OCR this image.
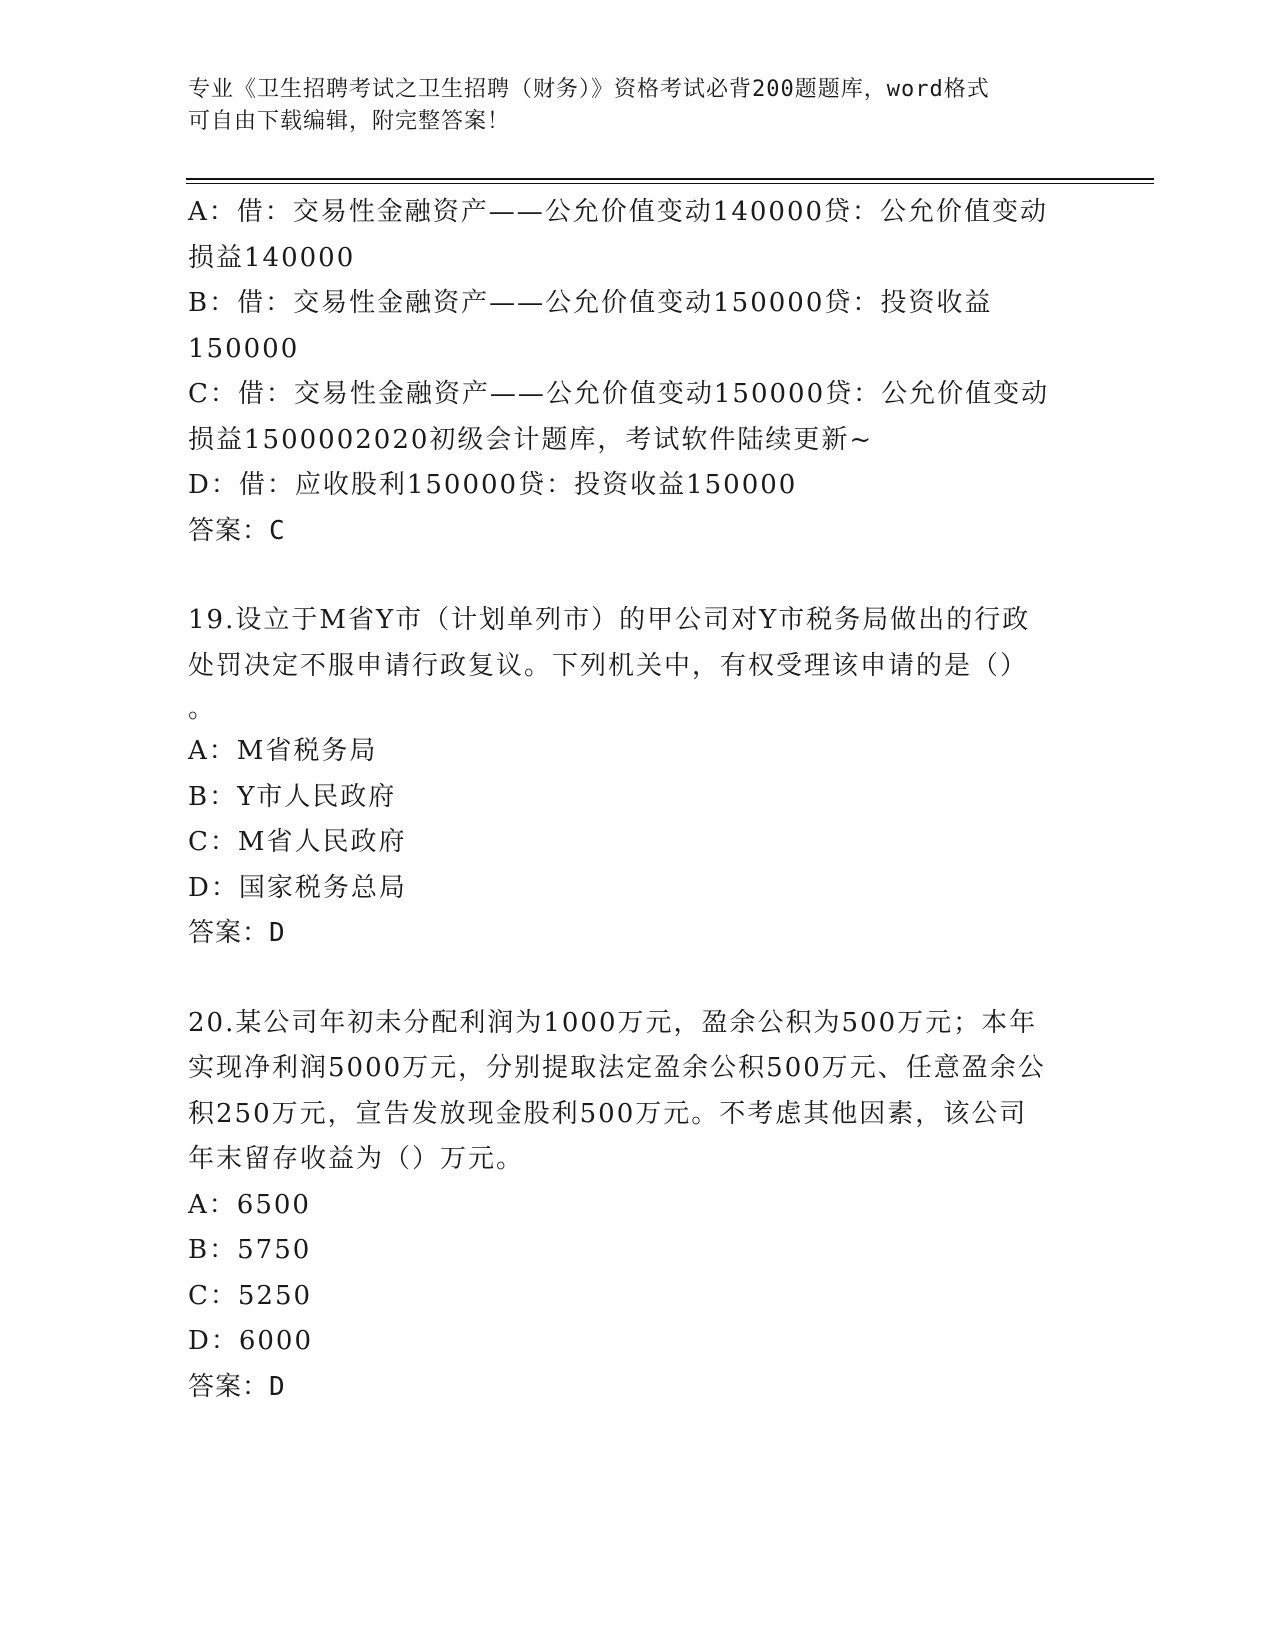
专业《卫生招聘考试之卫生招聘（财务）》资格考试必背200题题库，word格式
可自由下载编辑，附完整答案！
A：借：交易性金融资产——公允价值变动140000贷：公允价值变动
损益140000
B：借：交易性金融资产——公允价值变动150000贷：投资收益
150000
C：借：交易性金融资产——公允价值变动150000贷：公允价值变动
损益1500002020初级会计题库，考试软件陆续更新~
D：借：应收股利150000贷：投资收益150000
答案：C
19.设立于M省Y市（计划单列市）的甲公司对Y市税务局做出的行政
处罚决定不服申请行政复议。下列机关中，有权受理该申请的是（）
。
A：M省税务局
B：Y市人民政府
C：M省人民政府
D：国家税务总局
答案：D
20.某公司年初未分配利润为1000万元，盈余公积为500万元；本年
实现净利润5000万元，分别提取法定盈余公积500万元、任意盈余公
积250万元，宣告发放现金股利500万元。不考虑其他因素，该公司
年末留存收益为（）万元。
A：6500
B：5750
C：5250
D：6000
答案：D
